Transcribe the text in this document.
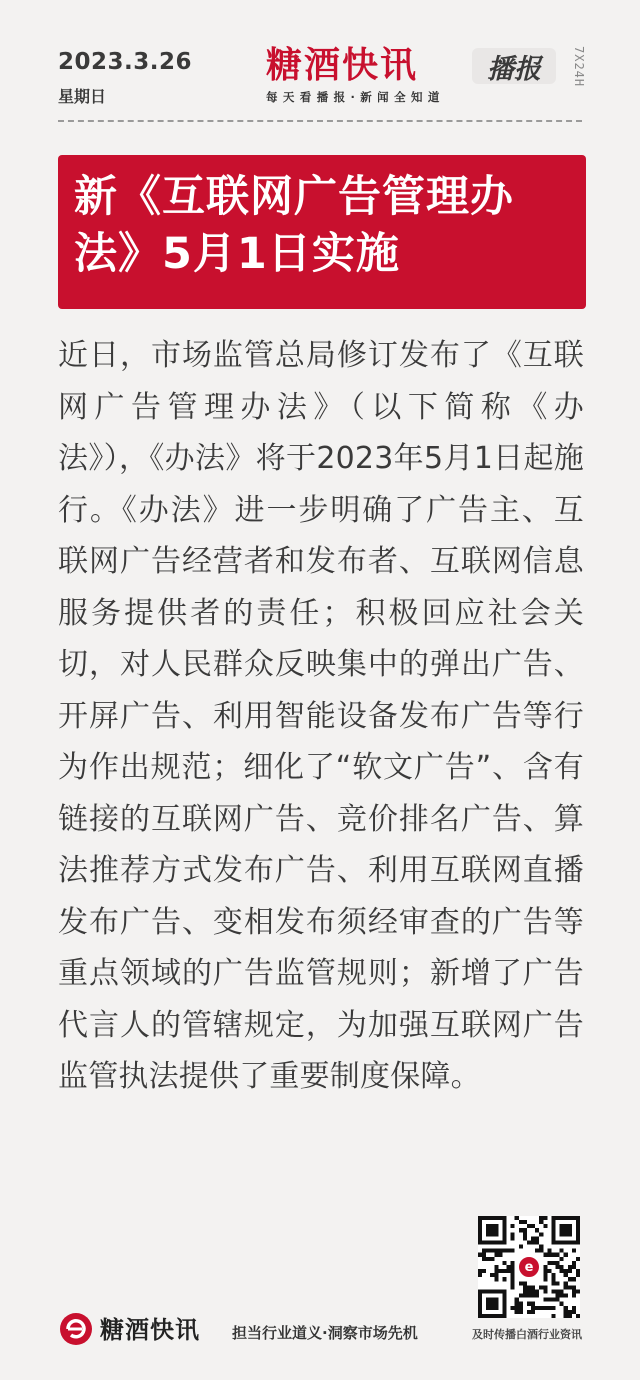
2023.3.26
星期日
糖酒快讯	播报
每天看播报·新闻全知道
7X24H
新《互联网广告管理办法》5月1日实施
近日，市场监管总局修订发布了《互联网广告管理办法》（以下简称《办法》），《办法》将于2023年5月1日起施行。《办法》进一步明确了广告主、互联网广告经营者和发布者、互联网信息服务提供者的责任；积极回应社会关切，对人民群众反映集中的弹出广告、开屏广告、利用智能设备发布广告等行为作出规范；细化了“软文广告”、含有链接的互联网广告、竞价排名广告、算法推荐方式发布广告、利用互联网直播发布广告、变相发布须经审查的广告等重点领域的广告监管规则；新增了广告代言人的管辖规定，为加强互联网广告监管执法提供了重要制度保障。
e
及时传播白酒行业资讯
糖酒快讯 担当行业道义·洞察市场先机
